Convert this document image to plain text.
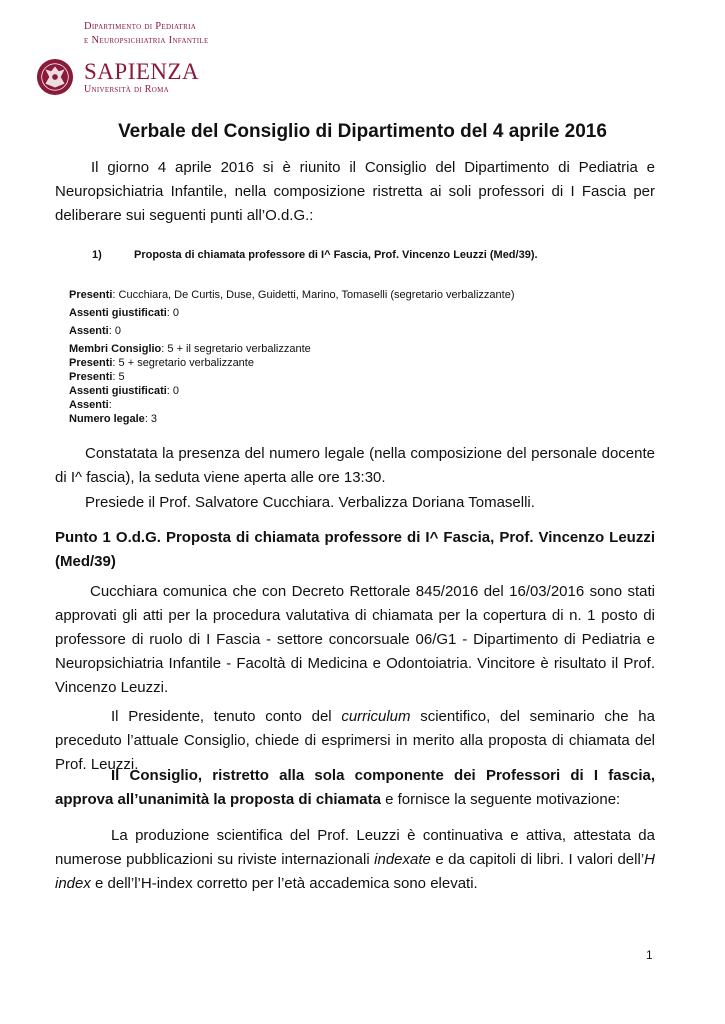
Dipartimento di Pediatria
e Neuropsichiatria Infantile
SAPIENZA
Università di Roma
Verbale del Consiglio di Dipartimento del 4 aprile 2016
Il giorno 4 aprile 2016 si è riunito il Consiglio del Dipartimento di Pediatria e Neuropsichiatria Infantile, nella composizione ristretta ai soli professori di I Fascia per deliberare sui seguenti punti all’O.d.G.:
1)	Proposta di chiamata professore di I^ Fascia, Prof. Vincenzo Leuzzi (Med/39).
Presenti: Cucchiara, De Curtis, Duse, Guidetti, Marino, Tomaselli (segretario verbalizzante)
Assenti giustificati: 0
Assenti: 0
Membri Consiglio: 5 + il segretario verbalizzante
Presenti: 5 + segretario verbalizzante
Presenti: 5
Assenti giustificati: 0
Assenti:
Numero legale: 3
Constatata la presenza del numero legale (nella composizione del personale docente di I^ fascia), la seduta viene aperta alle ore 13:30.
Presiede il Prof. Salvatore Cucchiara. Verbalizza Doriana Tomaselli.
Punto 1 O.d.G. Proposta di chiamata professore di I^ Fascia, Prof. Vincenzo Leuzzi (Med/39)
Cucchiara comunica che con Decreto Rettorale 845/2016 del 16/03/2016 sono stati approvati gli atti per la procedura valutativa di chiamata per la copertura di n. 1 posto di professore di ruolo di I Fascia - settore concorsuale 06/G1 - Dipartimento di Pediatria e Neuropsichiatria Infantile - Facoltà di Medicina e Odontoiatria. Vincitore è risultato il Prof. Vincenzo Leuzzi.
Il Presidente, tenuto conto del curriculum scientifico, del seminario che ha preceduto l’attuale Consiglio, chiede di esprimersi in merito alla proposta di chiamata del Prof. Leuzzi.
Il Consiglio, ristretto alla sola componente dei Professori di I fascia, approva all’unanimità la proposta di chiamata e fornisce la seguente motivazione:
La produzione scientifica del Prof. Leuzzi è continuativa e attiva, attestata da numerose pubblicazioni su riviste internazionali indexate e da capitoli di libri. I valori dell’H index e dell’l’H-index corretto per l’età accademica sono elevati.
1
